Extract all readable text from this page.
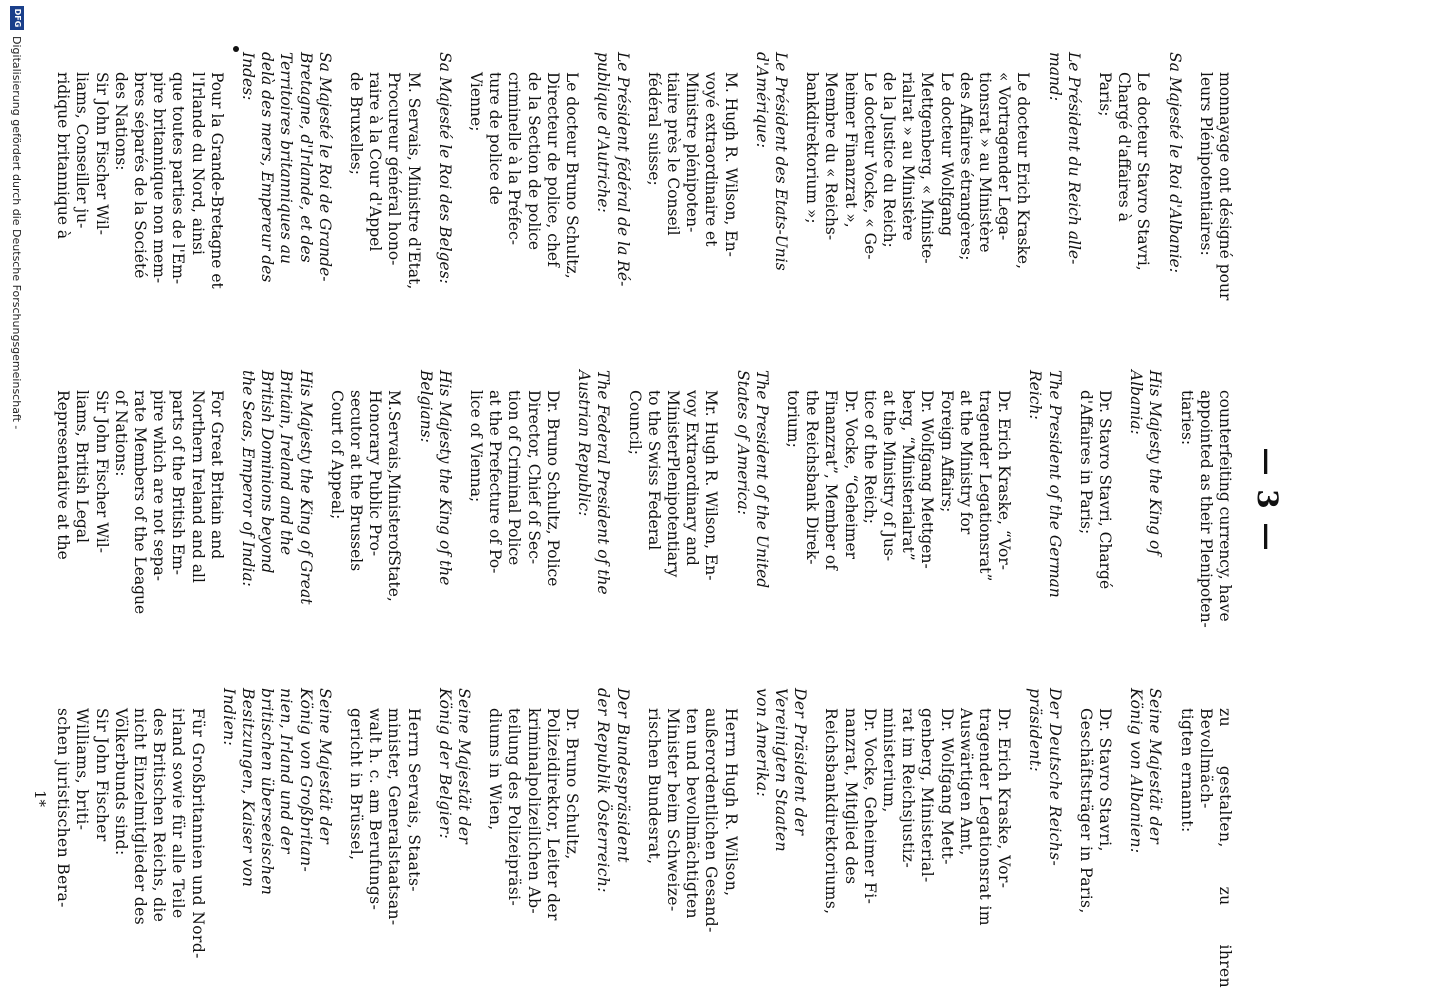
— 3 —
monnayage ont désigné pour
leurs Plénipotentiaires:
Sa Majesté le Roi d'Albanie:
Le docteur Stavro Stavri,
Chargé d'affaires à
Paris;
Le Président du Reich alle-
mand:
Le docteur Erich Kraske,
« Vortragender Lega-
tionsrat » au Ministère
des Affaires étrangères;
Le docteur Wolfgang
Mettgenberg, « Ministe-
rialrat » au Ministère
de la Justice du Reich;
Le docteur Vocke, « Ge-
heimer Finanzrat »,
Membre du « Reichs-
bankdirektorium »;
Le Président des Etats-Unis
d'Amérique:
M. Hugh R. Wilson, En-
voyé extraordinaire et
Ministre plénipoten-
tiaire près le Conseil
fédéral suisse;
Le Président fédéral de la Ré-
publique d'Autriche:
Le docteur Bruno Schultz,
Directeur de police, chef
de la Section de police
criminelle à la Préfec-
ture de police de
Vienne;
Sa Majesté le Roi des Belges:
M. Servais, Ministre d'Etat,
Procureur général hono-
raire à la Cour d'Appel
de Bruxelles;
Sa Majesté le Roi de Grande-
Bretagne, d'Irlande, et des
Territoires britanniques au
delà des mers, Empereur des
Indes:
Pour la Grande-Bretagne et
l'Irlande du Nord, ainsi
que toutes parties de l'Em-
pire britannique non mem-
bres séparés de la Société
des Nations:
Sir John Fischer Wil-
liams, Conseiller ju-
ridique britannique à
counterfeiting currency, have
appointed as their Plenipoten-
tiaries:
His Majesty the King of
Albania:
Dr. Stavro Stavri, Chargé
d'Affaires in Paris;
The President of the German
Reich:
Dr. Erich Kraske, “Vor-
tragender Legationsrat”
at the Ministry for
Foreign Affairs;
Dr. Wolfgang Mettgen-
berg, “Ministerialrat”
at the Ministry of Jus-
tice of the Reich;
Dr. Vocke, “Geheimer
Finanzrat”, Member of
the Reichsbank Direk-
torium;
The President of the United
States of America:
Mr. Hugh R. Wilson, En-
voy Extraordinary and
MinisterPlenipotentiary
to the Swiss Federal
Council;
The Federal President of the
Austrian Republic:
Dr. Bruno Schultz, Police
Director, Chief of Sec-
tion of Criminal Police
at the Prefecture of Po-
lice of Vienna;
His Majesty the King of the
Belgians:
M.Servais,MinisterofState,
Honorary Public Pro-
secutor at the Brussels
Court of Appeal;
His Majesty the King of Great
Britain, Ireland and the
British Dominions beyond
the Seas, Emperor of India:
For Great Britain and
Northern Ireland and all
parts of the British Em-
pire which are not sepa-
rate Members of the League
of Nations:
Sir John Fischer Wil-
liams, British Legal
Representative at the
zu gestalten, zu ihren Bevollmäch-
tigten ernannt:
Seine Majestät der
König von Albanien:
Dr. Stavro Stavri,
Geschäftsträger in Paris,
Der Deutsche Reichs-
präsident:
Dr. Erich Kraske, Vor-
tragender Legationsrat im
Auswärtigen Amt,
Dr. Wolfgang Mett-
genberg, Ministerial-
rat im Reichsjustiz-
ministerium,
Dr. Vocke, Geheimer Fi-
nanzrat, Mitglied des
Reichsbankdirektoriums,
Der Präsident der
Vereinigten Staaten
von Amerika:
Herrn Hugh R. Wilson,
außerordentlichen Gesand-
ten und bevollmächtigten
Minister beim Schweize-
rischen Bundesrat,
Der Bundespräsident
der Republik Österreich:
Dr. Bruno Schultz,
Polizeidirektor, Leiter der
kriminalpolizeilichen Ab-
teilung des Polizeipräsi-
diums in Wien,
Seine Majestät der
König der Belgier:
Herrn Servais, Staats-
minister, Generalstaatsan-
walt h. c. am Berufungs-
gericht in Brüssel,
Seine Majestät der
König von Großbritan-
nien, Irland und der
britischen überseeischen
Besitzungen, Kaiser von
Indien:
Für Großbritannien und Nord-
irland sowie für alle Teile
des Britischen Reichs, die
nicht Einzelmitglieder des
Völkerbunds sind:
Sir John Fischer
Williams, briti-
schen juristischen Bera-
1*
DFG
Digitalisierung gefördert durch die Deutsche Forschungsgemeinschaft -
